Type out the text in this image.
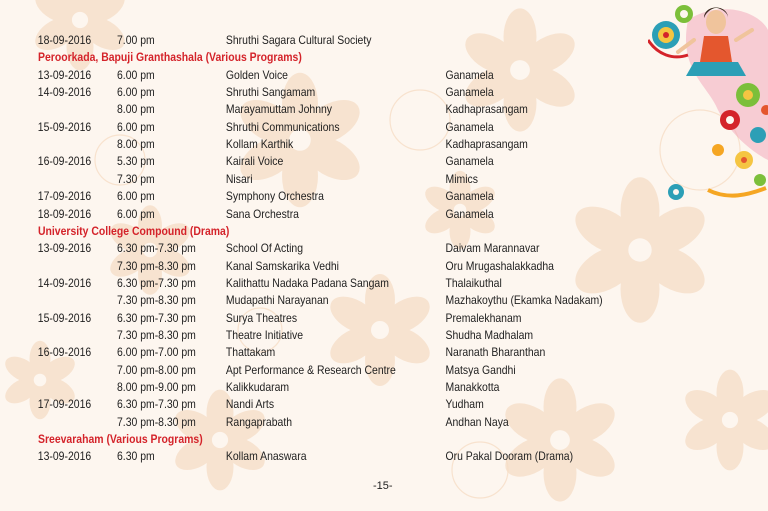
18-09-2016 7.00 pm	Shruthi Sagara Cultural Society
Peroorkada, Bapuji Granthashala (Various Programs)
13-09-2016 6.00 pm	Golden Voice	Ganamela
14-09-2016 6.00 pm	Shruthi Sangamam	Ganamela
8.00 pm	Marayamuttam Johnny	Kadhaprasangam
15-09-2016 6.00 pm	Shruthi Communications	Ganamela
8.00 pm	Kollam Karthik	Kadhaprasangam
16-09-2016 5.30 pm	Kairali Voice	Ganamela
7.30 pm	Nisari	Mimics
17-09-2016 6.00 pm	Symphony Orchestra	Ganamela
18-09-2016 6.00 pm	Sana Orchestra	Ganamela
University College Compound (Drama)
13-09-2016 6.30 pm-7.30 pm	School Of Acting	Daivam Marannavar
7.30 pm-8.30 pm	Kanal Samskarika Vedhi	Oru Mrugashalakkadha
14-09-2016 6.30 pm-7.30 pm	Kalithattu Nadaka Padana Sangam	Thalaikuthal
7.30 pm-8.30 pm	Mudapathi Narayanan	Mazhakoythu (Ekamka Nadakam)
15-09-2016 6.30 pm-7.30 pm	Surya Theatres	Premalekhanam
7.30 pm-8.30 pm	Theatre Initiative	Shudha Madhalam
16-09-2016 6.00 pm-7.00 pm	Thattakam	Naranath Bharanthan
7.00 pm-8.00 pm	Apt Performance & Research Centre	Matsya Gandhi
8.00 pm-9.00 pm	Kalikkudaram	Manakkotta
17-09-2016 6.30 pm-7.30 pm	Nandi Arts	Yudham
7.30 pm-8.30 pm	Rangaprabath	Andhan Naya
Sreevaraham (Various Programs)
13-09-2016 6.30 pm	Kollam Anaswara	Oru Pakal Dooram (Drama)
-15-
